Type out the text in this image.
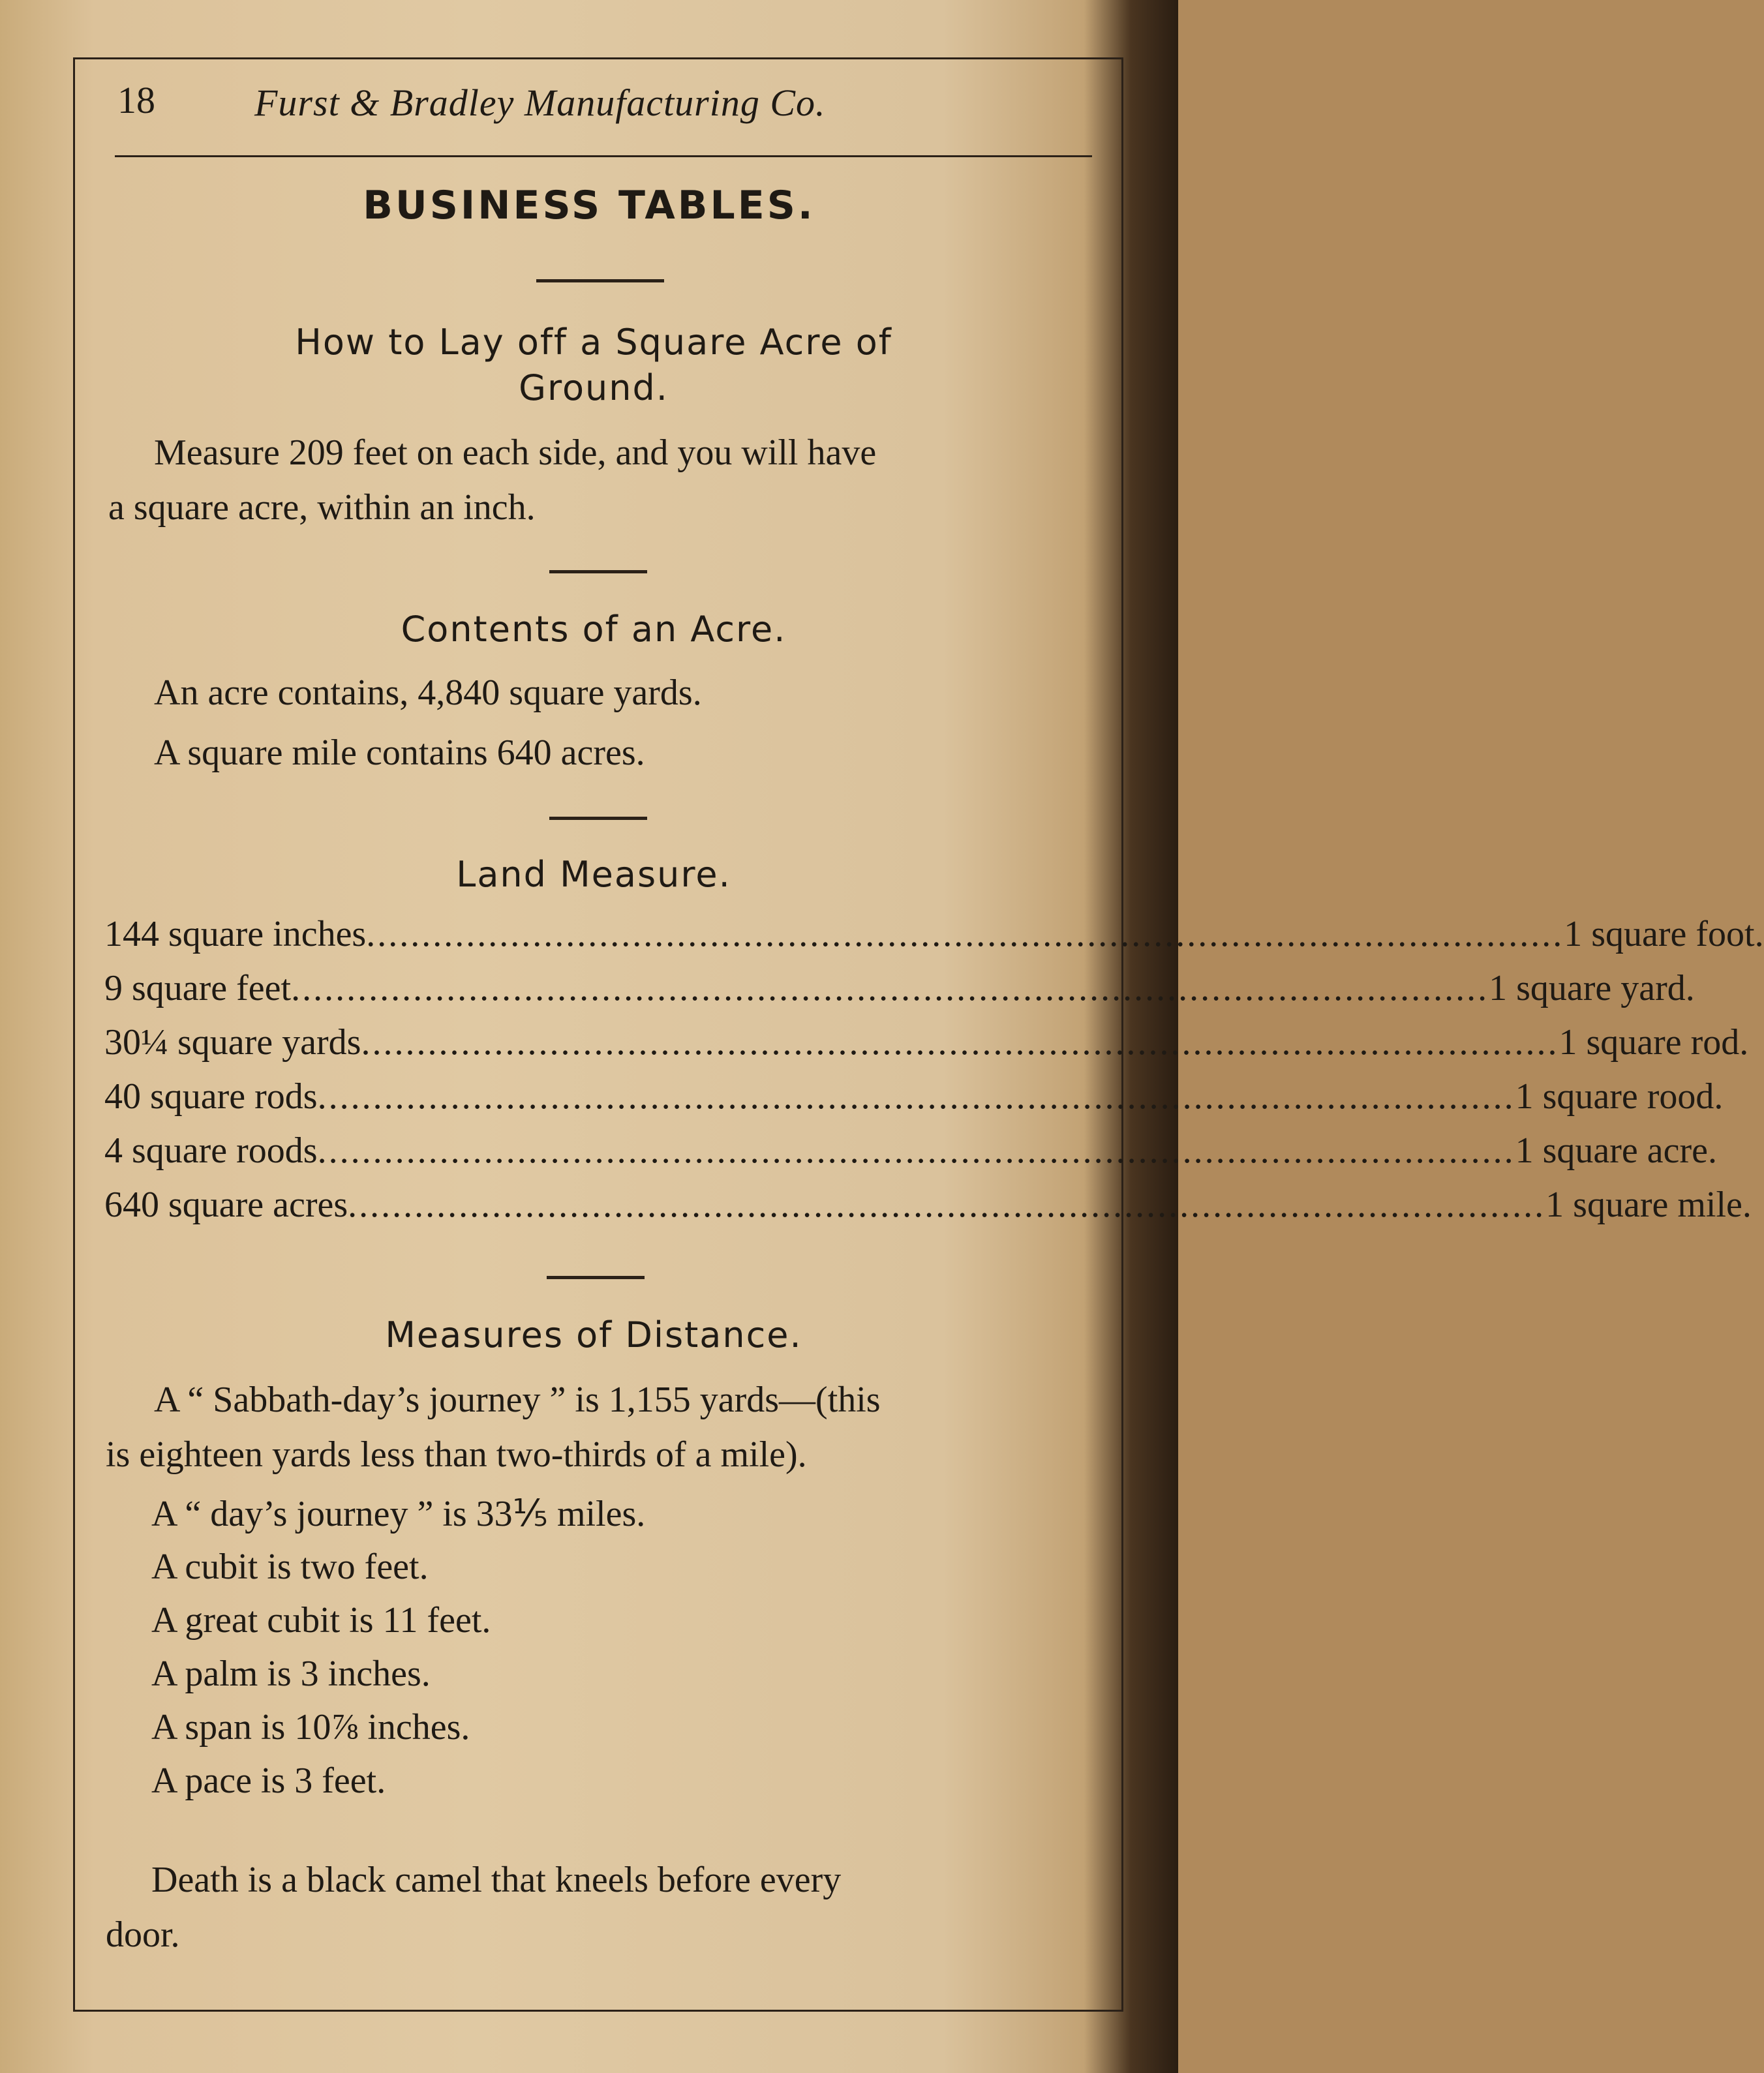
18	Furst & Bradley Manufacturing Co.
BUSINESS TABLES.
How to Lay off a Square Acre of
Ground.
Measure 209 feet on each side, and you will have
a square acre, within an inch.
Contents of an Acre.
An acre contains, 4,840 square yards.
A square mile contains 640 acres.
Land Measure.
144 square inches ............................................................................................................ 1 square foot.
9 square feet ............................................................................................................ 1 square yard.
30¼ square yards ............................................................................................................ 1 square rod.
40 square rods ............................................................................................................ 1 square rood.
4 square roods ............................................................................................................ 1 square acre.
640 square acres ............................................................................................................ 1 square mile.
Measures of Distance.
A “ Sabbath-day’s journey ” is 1,155 yards—(this
is eighteen yards less than two-thirds of a mile).
A “ day’s journey ” is 33⅕ miles.
A cubit is two feet.
A great cubit is 11 feet.
A palm is 3 inches.
A span is 10⅞ inches.
A pace is 3 feet.
Death is a black camel that kneels before every
door.
